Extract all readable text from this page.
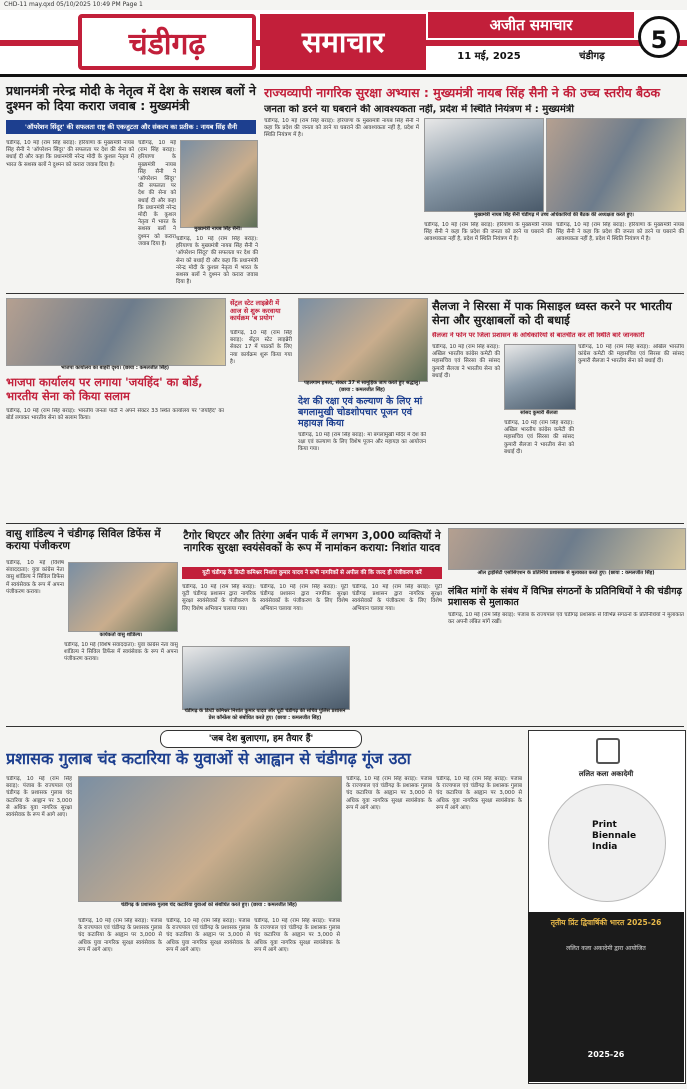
CHD-11 may.qxd 05/10/2025 10:49 PM Page 1
चंडीगढ़	समाचार	अजीत समाचार
11 मई, 2025	चंडीगढ़
5
प्रधानमंत्री नरेन्द्र मोदी के नेतृत्व में देश के सशस्त्र बलों ने दुश्मन को दिया करारा जवाब : मुख्यमंत्री
'ऑपरेशन सिंदूर' की सफलता राष्ट्र की एकजुटता और संकल्प का प्रतीक : नायब सिंह सैनी
चंडीगढ़, 10 मई (राम सिंह बराड़): हरियाणा के मुख्यमंत्री नायब सिंह सैनी ने 'ऑपरेशन सिंदूर' की सफलता पर देश की सेना को बधाई दी और कहा कि प्रधानमंत्री नरेन्द्र मोदी के कुशल नेतृत्व में भारत के सशस्त्र बलों ने दुश्मन को करारा जवाब दिया है।
मुख्यमंत्री नायब सिंह सैनी।
चंडीगढ़, 10 मई (राम सिंह बराड़): हरियाणा के मुख्यमंत्री नायब सिंह सैनी ने 'ऑपरेशन सिंदूर' की सफलता पर देश की सेना को बधाई दी और कहा कि प्रधानमंत्री नरेन्द्र मोदी के कुशल नेतृत्व में भारत के सशस्त्र बलों ने दुश्मन को करारा जवाब दिया है।
चंडीगढ़, 10 मई (राम सिंह बराड़): हरियाणा के मुख्यमंत्री नायब सिंह सैनी ने 'ऑपरेशन सिंदूर' की सफलता पर देश की सेना को बधाई दी और कहा कि प्रधानमंत्री नरेन्द्र मोदी के कुशल नेतृत्व में भारत के सशस्त्र बलों ने दुश्मन को करारा जवाब दिया है।
राज्यव्यापी नागरिक सुरक्षा अभ्यास : मुख्यमंत्री नायब सिंह सैनी ने की उच्च स्तरीय बैठक
जनता को डरने या घबराने की आवश्यकता नहीं, प्रदेश में स्थिति नियंत्रण में : मुख्यमंत्री
चंडीगढ़, 10 मई (राम सिंह बराड़): हरियाणा के मुख्यमंत्री नायब सिंह सैनी ने कहा कि प्रदेश की जनता को डरने या घबराने की आवश्यकता नहीं है, प्रदेश में स्थिति नियंत्रण में है।
मुख्यमंत्री नायब सिंह सैनी चंडीगढ़ में उच्च अधिकारियों की बैठक की अध्यक्षता करते हुए।
चंडीगढ़, 10 मई (राम सिंह बराड़): हरियाणा के मुख्यमंत्री नायब सिंह सैनी ने कहा कि प्रदेश की जनता को डरने या घबराने की आवश्यकता नहीं है, प्रदेश में स्थिति नियंत्रण में है।
चंडीगढ़, 10 मई (राम सिंह बराड़): हरियाणा के मुख्यमंत्री नायब सिंह सैनी ने कहा कि प्रदेश की जनता को डरने या घबराने की आवश्यकता नहीं है, प्रदेश में स्थिति नियंत्रण में है।
भाजपा कार्यालय का बाहरी दृश्य। (छाया : कमलजीत सिंह)
भाजपा कार्यालय पर लगाया 'जयहिंद' का बोर्ड, भारतीय सेना को किया सलाम
चंडीगढ़, 10 मई (राम सिंह बराड़): भारतीय जनता पार्टी ने अपने सेक्टर 33 स्थित कार्यालय पर 'जयहिंद' का बोर्ड लगाकर भारतीय सेना को सलाम किया।
सेंट्रल स्टेट लाइब्रेरी में आज से शुरू करवाया कार्यक्रम 'ब प्रयोग'
चंडीगढ़, 10 मई (राम सिंह बराड़): सेंट्रल स्टेट लाइब्रेरी सेक्टर 17 में पाठकों के लिए नया कार्यक्रम शुरू किया गया है।
पहलगाम हमला, सेक्टर 37 में सामूहिक जाप करते हुए श्रद्धालु। (छाया : कमलजीत सिंह)
देश की रक्षा एवं कल्याण के लिए मां बगलामुखी चोडशोपचार पूजन एवं महायज्ञ किया
चंडीगढ़, 10 मई (राम सिंह बराड़): मां बगलामुखी मंदिर में देश की रक्षा एवं कल्याण के लिए विशेष पूजन और महायज्ञ का आयोजन किया गया।
सैलजा ने सिरसा में पाक मिसाइल ध्वस्त करने पर भारतीय सेना और सुरक्षाबलों को दी बधाई
सैलजा ने फोन पर जिला प्रशासन के अधिकारियों से बातचीत कर ली स्थिति बारे जानकारी
चंडीगढ़, 10 मई (राम सिंह बराड़): अखिल भारतीय कांग्रेस कमेटी की महासचिव एवं सिरसा की सांसद कुमारी सैलजा ने भारतीय सेना को बधाई दी।
सांसद कुमारी सैलजा
चंडीगढ़, 10 मई (राम सिंह बराड़): अखिल भारतीय कांग्रेस कमेटी की महासचिव एवं सिरसा की सांसद कुमारी सैलजा ने भारतीय सेना को बधाई दी।
चंडीगढ़, 10 मई (राम सिंह बराड़): अखिल भारतीय कांग्रेस कमेटी की महासचिव एवं सिरसा की सांसद कुमारी सैलजा ने भारतीय सेना को बधाई दी।
वासु शांडिल्य ने चंडीगढ़ सिविल डिफेंस में कराया पंजीकरण
चंडीगढ़, 10 मई (विशेष संवाददाता): युवा कांग्रेस नेता वासु शांडिल्य ने सिविल डिफेंस में स्वयंसेवक के रूप में अपना पंजीकरण कराया।
कार्यकर्ता वासु शांडिल्य।
चंडीगढ़, 10 मई (विशेष संवाददाता): युवा कांग्रेस नेता वासु शांडिल्य ने सिविल डिफेंस में स्वयंसेवक के रूप में अपना पंजीकरण कराया।
टैगोर थिएटर और तिरंगा अर्बन पार्क में लगभग 3,000 व्यक्तियों ने नागरिक सुरक्षा स्वयंसेवकों के रूप में नामांकन कराया: निशांत यादव
यूटी चंडीगढ़ के डिप्टी कमिश्नर निशांत कुमार यादव ने सभी नागरिकों से अपील की कि जल्द ही पंजीकरण करें
चंडीगढ़, 10 मई (राम सिंह बराड़): यूटी चंडीगढ़ प्रशासन द्वारा नागरिक सुरक्षा स्वयंसेवकों के पंजीकरण के लिए विशेष अभियान चलाया गया।
चंडीगढ़ के डिप्टी कमिश्नर निशांत कुमार यादव और यूटी चंडीगढ़ की सचिव पुलिस प्रशासन प्रेस कॉन्फ्रेंस को संबोधित करते हुए। (छाया : कमलजीत सिंह)
चंडीगढ़, 10 मई (राम सिंह बराड़): यूटी चंडीगढ़ प्रशासन द्वारा नागरिक सुरक्षा स्वयंसेवकों के पंजीकरण के लिए विशेष अभियान चलाया गया।
चंडीगढ़, 10 मई (राम सिंह बराड़): यूटी चंडीगढ़ प्रशासन द्वारा नागरिक सुरक्षा स्वयंसेवकों के पंजीकरण के लिए विशेष अभियान चलाया गया।
ऑल ट्राईसिटी एसोसिएशन के प्रतिनिधि प्रशासक से मुलाकात करते हुए। (छाया : कमलजीत सिंह)
लंबित मांगों के संबंध में विभिन्न संगठनों के प्रतिनिधियों ने की चंडीगढ़ प्रशासक से मुलाकात
चंडीगढ़, 10 मई (राम सिंह बराड़): पंजाब के राज्यपाल एवं चंडीगढ़ प्रशासक से विभिन्न संगठनों के प्रतिनिधियों ने मुलाकात कर अपनी लंबित मांगें रखीं।
'जब देश बुलाएगा, हम तैयार हैं'
प्रशासक गुलाब चंद कटारिया के युवाओं से आह्वान से चंडीगढ़ गूंज उठा
चंडीगढ़, 10 मई (राम सिंह बराड़): पंजाब के राज्यपाल एवं चंडीगढ़ के प्रशासक गुलाब चंद कटारिया के आह्वान पर 3,000 से अधिक युवा नागरिक सुरक्षा स्वयंसेवक के रूप में आगे आए।
चंडीगढ़ के प्रशासक गुलाब चंद कटारिया युवाओं को संबोधित करते हुए। (छाया : कमलजीत सिंह)
चंडीगढ़, 10 मई (राम सिंह बराड़): पंजाब के राज्यपाल एवं चंडीगढ़ के प्रशासक गुलाब चंद कटारिया के आह्वान पर 3,000 से अधिक युवा नागरिक सुरक्षा स्वयंसेवक के रूप में आगे आए।
चंडीगढ़, 10 मई (राम सिंह बराड़): पंजाब के राज्यपाल एवं चंडीगढ़ के प्रशासक गुलाब चंद कटारिया के आह्वान पर 3,000 से अधिक युवा नागरिक सुरक्षा स्वयंसेवक के रूप में आगे आए।
चंडीगढ़, 10 मई (राम सिंह बराड़): पंजाब के राज्यपाल एवं चंडीगढ़ के प्रशासक गुलाब चंद कटारिया के आह्वान पर 3,000 से अधिक युवा नागरिक सुरक्षा स्वयंसेवक के रूप में आगे आए।
चंडीगढ़, 10 मई (राम सिंह बराड़): पंजाब के राज्यपाल एवं चंडीगढ़ के प्रशासक गुलाब चंद कटारिया के आह्वान पर 3,000 से अधिक युवा नागरिक सुरक्षा स्वयंसेवक के रूप में आगे आए।
चंडीगढ़, 10 मई (राम सिंह बराड़): पंजाब के राज्यपाल एवं चंडीगढ़ के प्रशासक गुलाब चंद कटारिया के आह्वान पर 3,000 से अधिक युवा नागरिक सुरक्षा स्वयंसेवक के रूप में आगे आए।
ललित कला अकादेमी
Print Biennale India
तृतीय प्रिंट द्विवार्षिकी भारत 2025-26
ललित कला अकादेमी द्वारा आयोजित
2025-26
